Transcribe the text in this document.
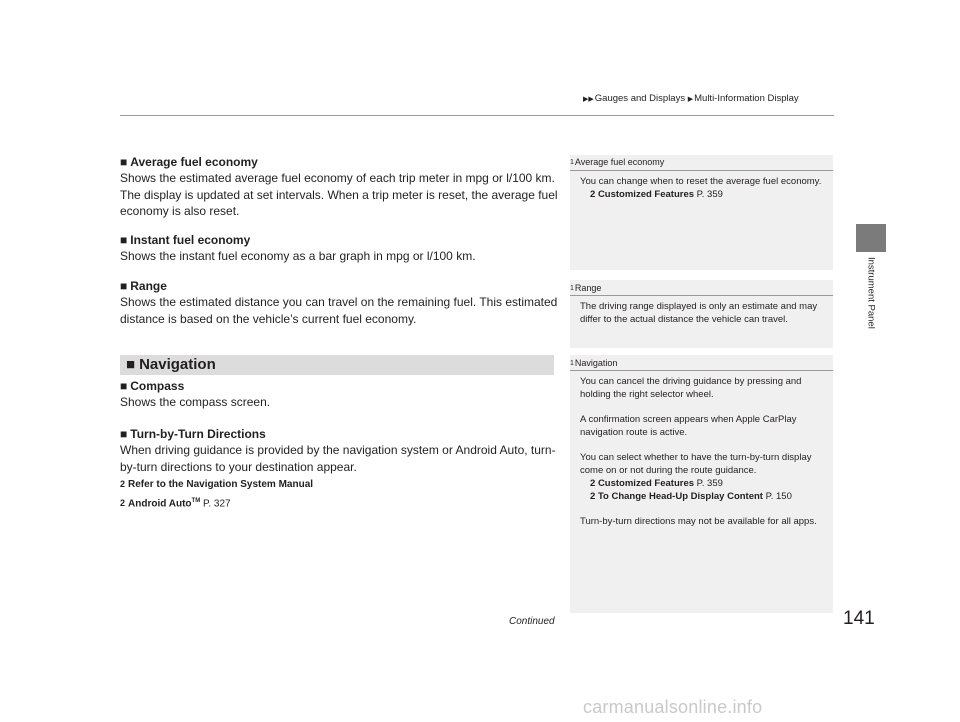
▶▶Gauges and Displays ▶Multi-Information Display
Instrument Panel
■ Average fuel economy
Shows the estimated average fuel economy of each trip meter in mpg or l/100 km. The display is updated at set intervals. When a trip meter is reset, the average fuel economy is also reset.
■ Instant fuel economy
Shows the instant fuel economy as a bar graph in mpg or l/100 km.
■ Range
Shows the estimated distance you can travel on the remaining fuel. This estimated distance is based on the vehicle’s current fuel economy.
■ Navigation
■ Compass
Shows the compass screen.
■ Turn-by-Turn Directions
When driving guidance is provided by the navigation system or Android Auto, turn-by-turn directions to your destination appear.
2 Refer to the Navigation System Manual
2 Android Auto™ P. 327
1Average fuel economy
You can change when to reset the average fuel economy.
2 Customized Features P. 359
1Range
The driving range displayed is only an estimate and may differ to the actual distance the vehicle can travel.
1Navigation
You can cancel the driving guidance by pressing and holding the right selector wheel.
A confirmation screen appears when Apple CarPlay navigation route is active.
You can select whether to have the turn-by-turn display come on or not during the route guidance.
2 Customized Features P. 359
2 To Change Head-Up Display Content P. 150
Turn-by-turn directions may not be available for all apps.
Continued	141
carmanualsonline.info
